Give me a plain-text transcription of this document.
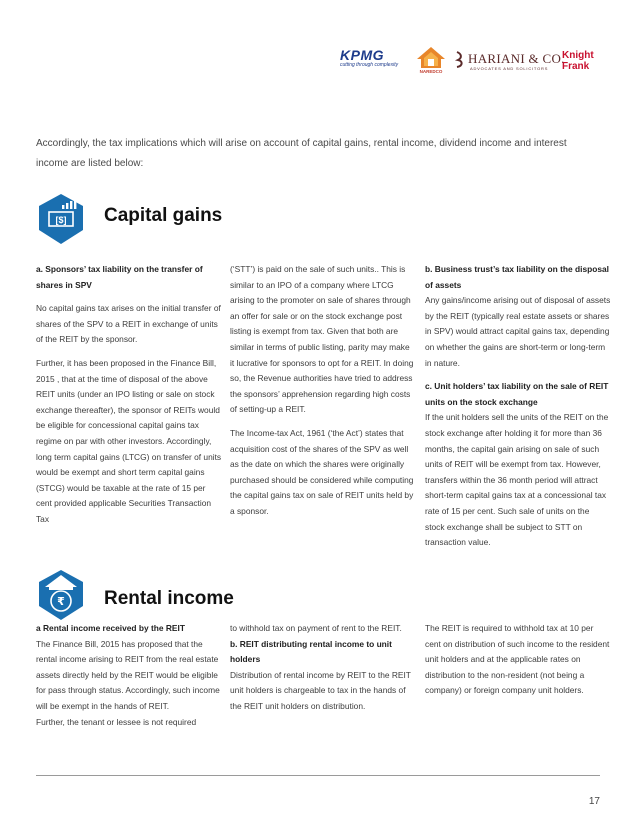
KPMG
cutting through complexity
NAREDCO
HARIANI & CO.
ADVOCATES AND SOLICITORS
Knight
Frank
Accordingly, the tax implications which will arise on account of capital gains, rental income, dividend income and interest income are listed below:
[$] Capital gains

a. Sponsors’ tax liability on the transfer of shares in SPV

No capital gains tax arises on the initial transfer of shares of the SPV to a REIT in exchange of units of the REIT by the sponsor.

Further, it has been proposed in the Finance Bill, 2015 , that at the time of disposal of the above REIT units (under an IPO listing or sale on stock exchange thereafter), the sponsor of REITs would be eligible for concessional capital gains tax regime on par with other investors. Accordingly, long term capital gains (LTCG) on transfer of units would be exempt and short term capital gains (STCG) would be taxable at the rate of 15 per cent provided applicable Securities Transaction Tax

(‘STT’) is paid on the sale of such units.. This is similar to an IPO of a company where LTCG arising to the promoter on sale of shares through an offer for sale or on the stock exchange post listing is exempt from tax. Given that both are similar in terms of public listing, parity may make it lucrative for sponsors to opt for a REIT. In doing so, the Revenue authorities have tried to address the sponsors’ apprehension regarding high costs of setting-up a REIT.

The Income-tax Act, 1961 (‘the Act’) states that acquisition cost of the shares of the SPV as well as the date on which the shares were originally purchased should be considered while computing the capital gains tax on sale of REIT units held by a sponsor.

b. Business trust’s tax liability on the disposal of assets

Any gains/income arising out of disposal of assets by the REIT (typically real estate assets or shares in SPV) would attract capital gains tax, depending on whether the gains are short-term or long-term in nature.

c. Unit holders’ tax liability on the sale of REIT units on the stock exchange

If the unit holders sell the units of the REIT on the stock exchange after holding it for more than 36 months, the capital gain arising on sale of such units of REIT will be exempt from tax. However, transfers within the 36 month period will attract short-term capital gains tax at a concessional tax rate of 15 per cent. Such sale of units on the stock exchange shall be subject to STT on transaction value.

₹ Rental income

a Rental income received by the REIT

The Finance Bill, 2015 has proposed that the rental income arising to REIT from the real estate assets directly held by the REIT would be eligible for pass through status. Accordingly, such income will be exempt in the hands of REIT.

Further, the tenant or lessee is not required

to withhold tax on payment of rent to the REIT.

b. REIT distributing rental income to unit holders

Distribution of rental income by REIT to the REIT unit holders is chargeable to tax in the hands of the REIT unit holders on distribution.

The REIT is required to withhold tax at 10 per cent on distribution of such income to the resident unit holders and at the applicable rates on distribution to the non-resident (not being a company) or foreign company unit holders.

17
